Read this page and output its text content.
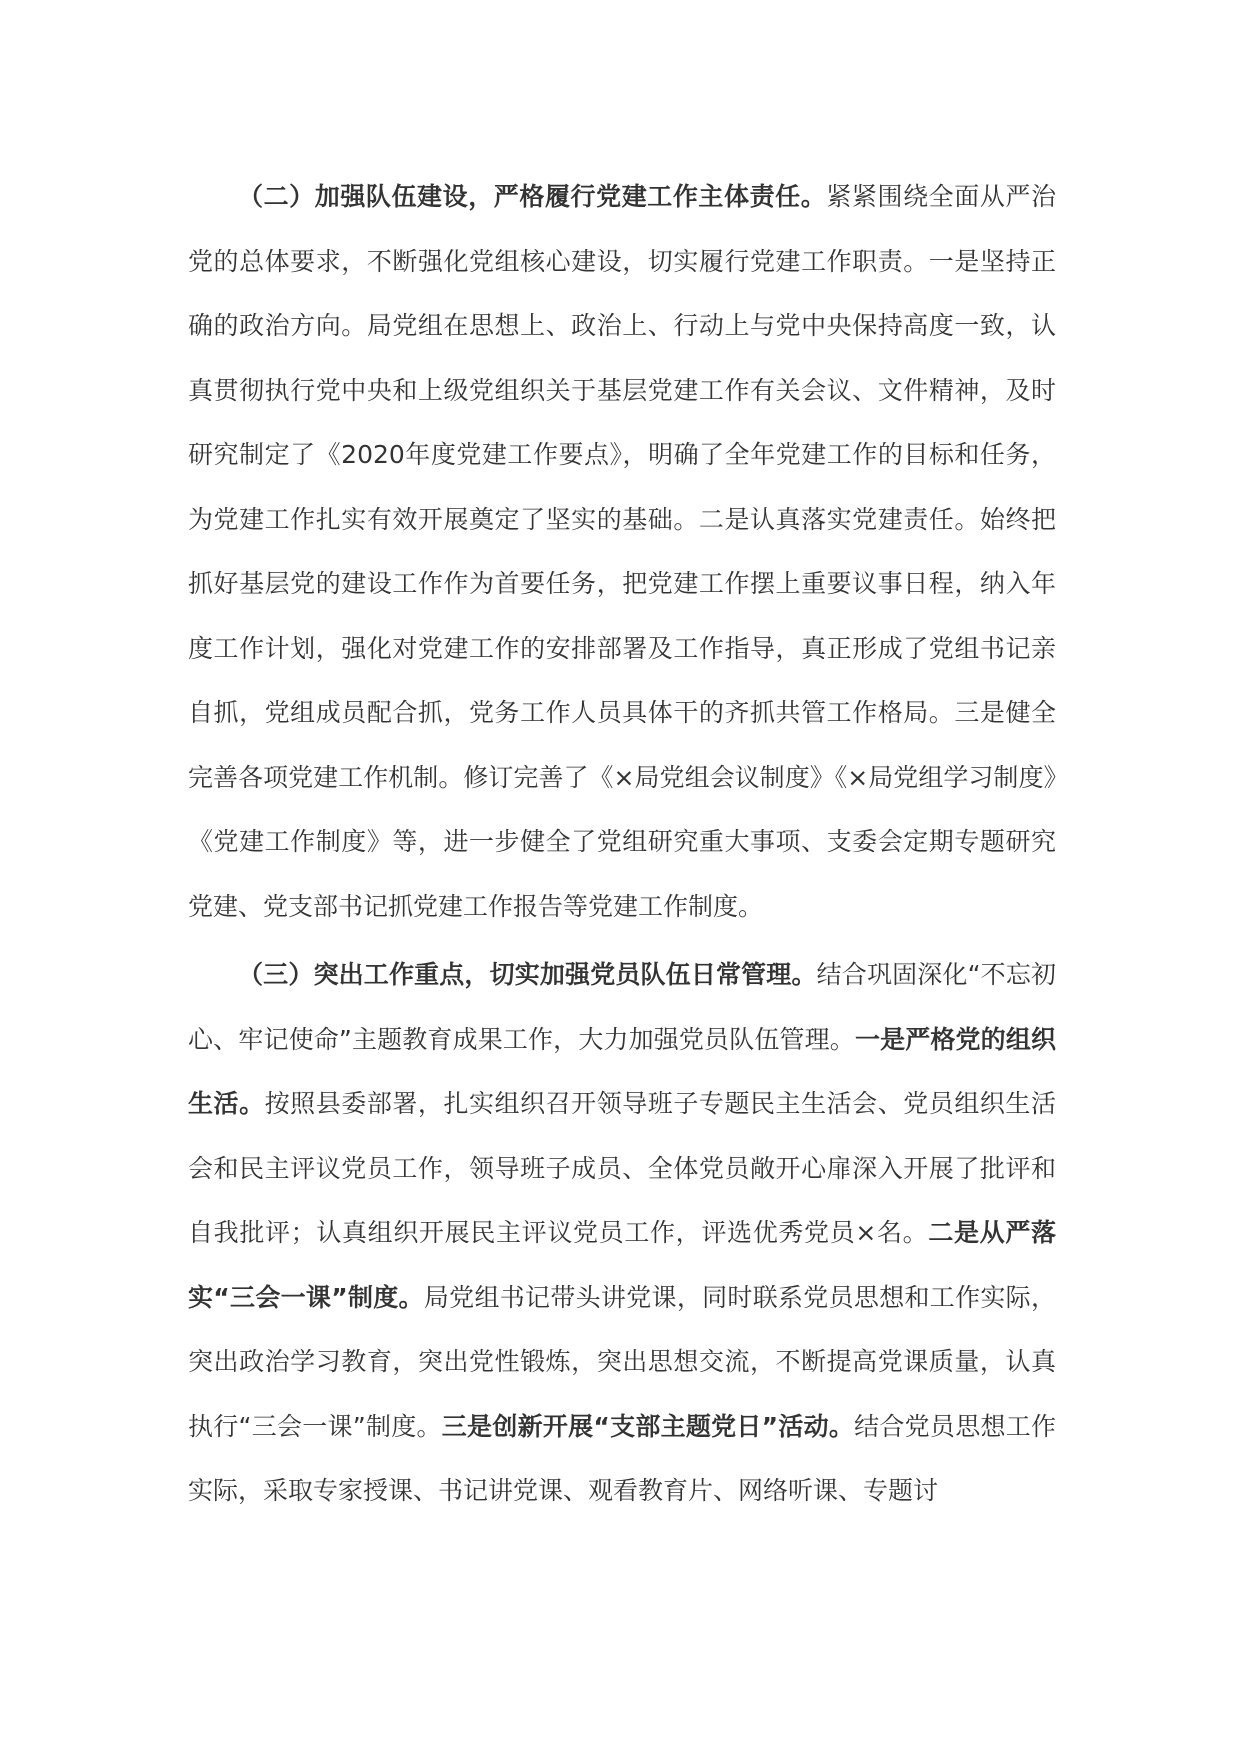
（二）加强队伍建设，严格履行党建工作主体责任。紧紧围绕全面从严治党的总体要求，不断强化党组核心建设，切实履行党建工作职责。一是坚持正确的政治方向。局党组在思想上、政治上、行动上与党中央保持高度一致，认真贯彻执行党中央和上级党组织关于基层党建工作有关会议、文件精神，及时研究制定了《2020年度党建工作要点》，明确了全年党建工作的目标和任务，为党建工作扎实有效开展奠定了坚实的基础。二是认真落实党建责任。始终把抓好基层党的建设工作作为首要任务，把党建工作摆上重要议事日程，纳入年度工作计划，强化对党建工作的安排部署及工作指导，真正形成了党组书记亲自抓，党组成员配合抓，党务工作人员具体干的齐抓共管工作格局。三是健全完善各项党建工作机制。修订完善了《×局党组会议制度》《×局党组学习制度》《党建工作制度》等，进一步健全了党组研究重大事项、支委会定期专题研究党建、党支部书记抓党建工作报告等党建工作制度。

（三）突出工作重点，切实加强党员队伍日常管理。结合巩固深化“不忘初心、牢记使命”主题教育成果工作，大力加强党员队伍管理。一是严格党的组织生活。按照县委部署，扎实组织召开领导班子专题民主生活会、党员组织生活会和民主评议党员工作，领导班子成员、全体党员敞开心扉深入开展了批评和自我批评；认真组织开展民主评议党员工作，评选优秀党员×名。二是从严落实“三会一课”制度。局党组书记带头讲党课，同时联系党员思想和工作实际，突出政治学习教育，突出党性锻炼，突出思想交流，不断提高党课质量，认真执行“三会一课”制度。三是创新开展“支部主题党日”活动。结合党员思想工作实际，采取专家授课、书记讲党课、观看教育片、网络听课、专题讨
